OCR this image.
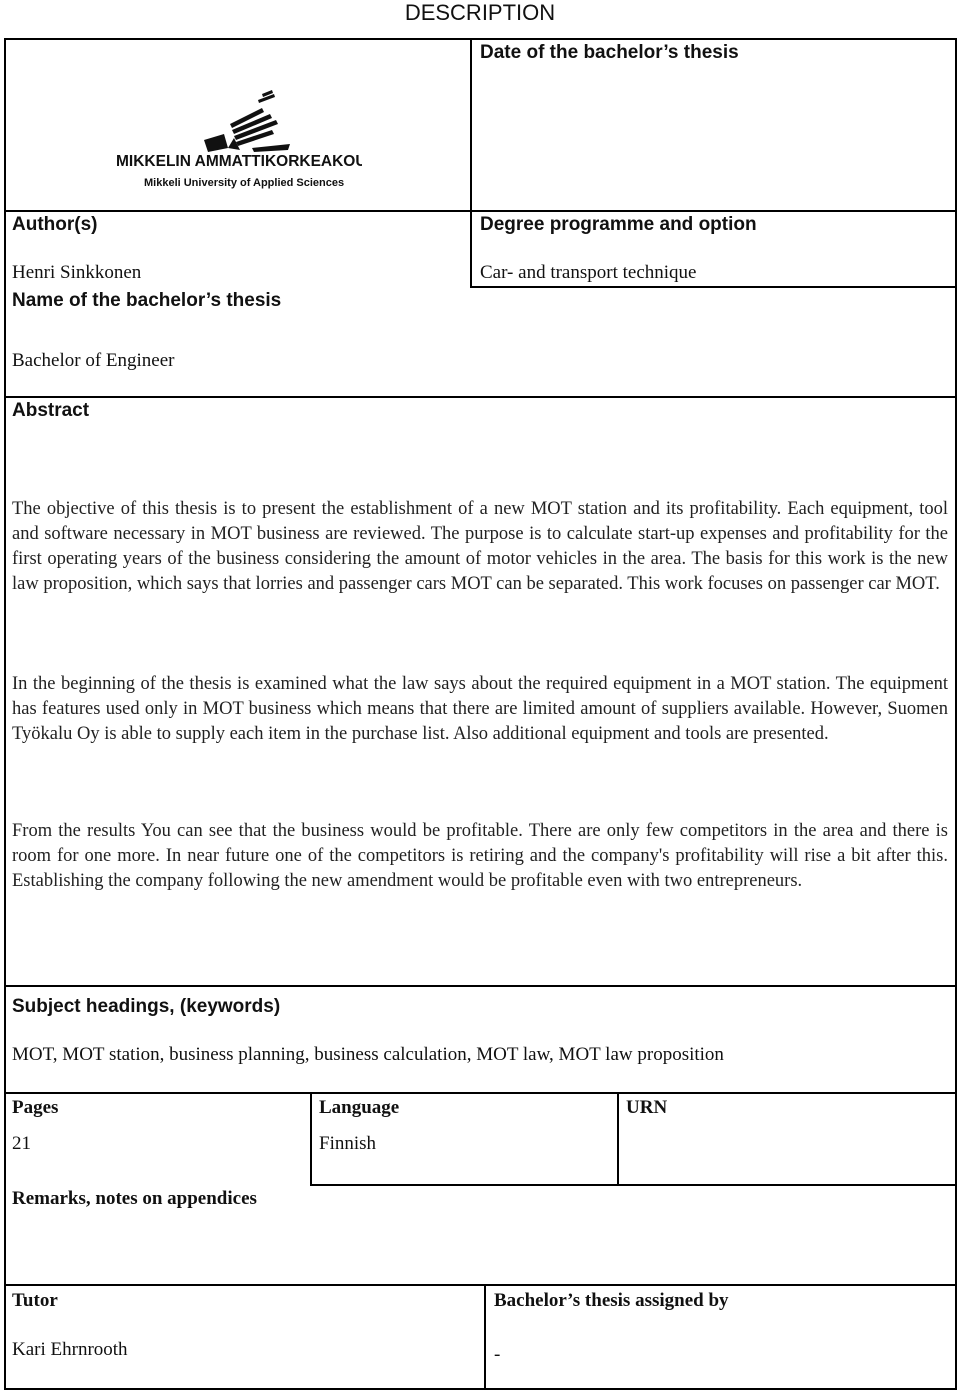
DESCRIPTION
Date of the bachelor’s thesis
MIKKELIN AMMATTIKORKEAKOULU
Mikkeli University of Applied Sciences
Author(s)
Henri Sinkkonen
Degree programme and option
Car- and transport technique
Name of the bachelor’s thesis
Bachelor of Engineer
Abstract
The objective of this thesis is to present the establishment of a new MOT station and its profitability. Each equipment, tool and software necessary in MOT business are reviewed. The purpose is to calculate start-up expenses and profitability for the first operating years of the business considering the amount of motor vehicles in the area. The basis for this work is the new law proposition, which says that lorries and passenger cars MOT can be separated. This work focuses on passenger car MOT.
In the beginning of the thesis is examined what the law says about the required equipment in a MOT station. The equipment has features used only in MOT business which means that there are limited amount of suppliers available. However, Suomen Työkalu Oy is able to supply each item in the purchase list. Also additional equipment and tools are presented.
From the results You can see that the business would be profitable. There are only few competitors in the area and there is room for one more. In near future one of the competitors is retiring and the company's profitability will rise a bit after this. Establishing the company following the new amendment would be profitable even with two entrepreneurs.
Subject headings, (keywords)
MOT, MOT station, business planning, business calculation, MOT law, MOT law proposition
Pages
21
Language
Finnish
URN
Remarks, notes on appendices
Tutor
Kari Ehrnrooth
Bachelor’s thesis assigned by
-
